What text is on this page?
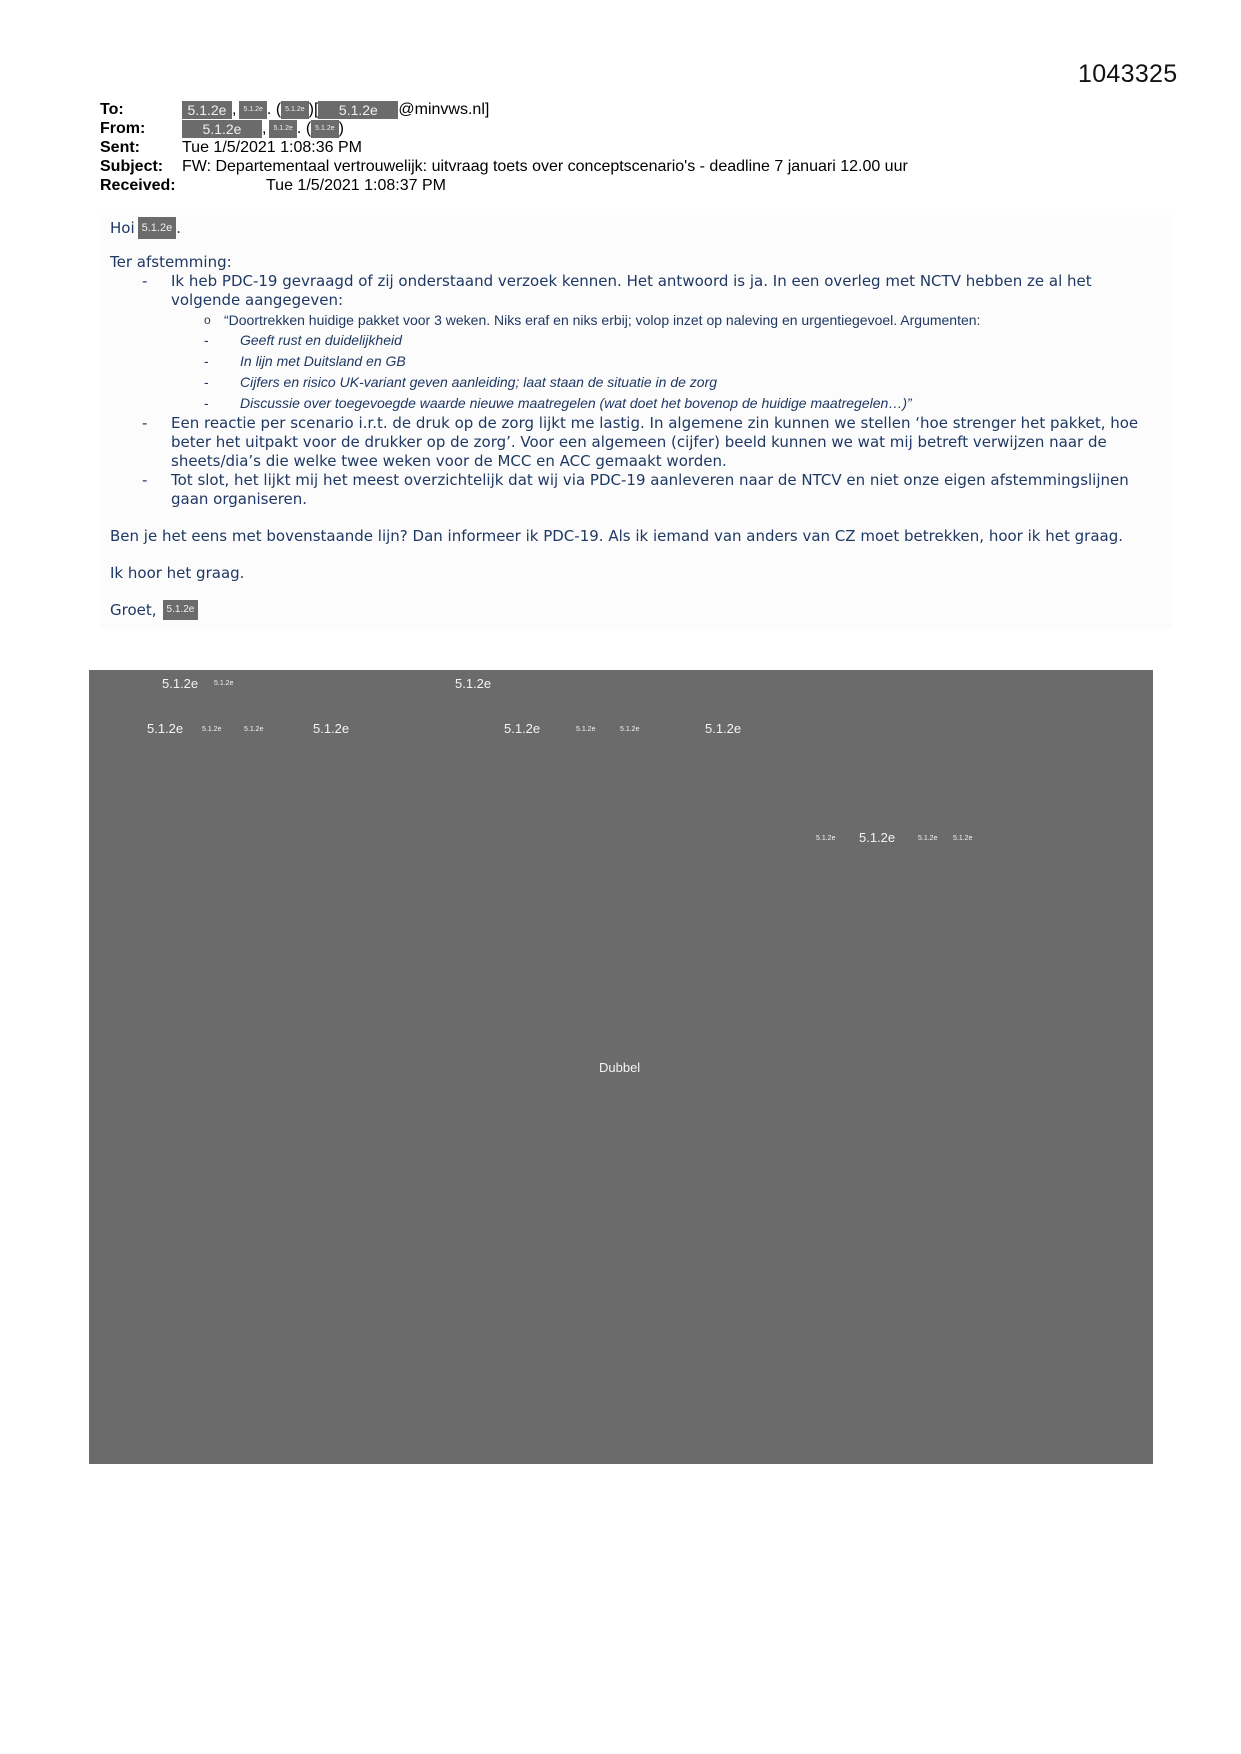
1043325
To:	5.1.2e ,	5.1.2e . ( 5.1.2e )[	5.1.2e	@minvws.nl]
From:	5.1.2e	,	5.1.2e . ( 5.1.2e )
Sent:	Tue 1/5/2021 1:08:36 PM
Subject:	FW: Departementaal vertrouwelijk: uitvraag toets over conceptscenario's - deadline 7 januari 12.00 uur
Received:	Tue 1/5/2021 1:08:37 PM
Hoi 5.1.2e .

Ter afstemming:

- Ik heb PDC-19 gevraagd of zij onderstaand verzoek kennen. Het antwoord is ja. In een overleg met NCTV hebben ze al het volgende aangegeven:
o “Doortrekken huidige pakket voor 3 weken. Niks eraf en niks erbij; volop inzet op naleving en urgentiegevoel. Argumenten:
- Geeft rust en duidelijkheid
- In lijn met Duitsland en GB
- Cijfers en risico UK-variant geven aanleiding; laat staan de situatie in de zorg
- Discussie over toegevoegde waarde nieuwe maatregelen (wat doet het bovenop de huidige maatregelen…)”
- Een reactie per scenario i.r.t. de druk op de zorg lijkt me lastig. In algemene zin kunnen we stellen ‘hoe strenger het pakket, hoe beter het uitpakt voor de drukker op de zorg’. Voor een algemeen (cijfer) beeld kunnen we wat mij betreft verwijzen naar de sheets/dia’s die welke twee weken voor de MCC en ACC gemaakt worden.
- Tot slot, het lijkt mij het meest overzichtelijk dat wij via PDC-19 aanleveren naar de NTCV en niet onze eigen afstemmingslijnen gaan organiseren.

Ben je het eens met bovenstaande lijn? Dan informeer ik PDC-19. Als ik iemand van anders van CZ moet betrekken, hoor ik het graag.

Ik hoor het graag.

Groet,	5.1.2e
5.1.2e 5.1.2e	5.1.2e
5.1.2e	5.1.2e	5.1.2e	5.1.2e	5.1.2e	5.1.2e	5.1.2e	5.1.2e
5.1.2e 5.1.2e	5.1.2e 5.1.2e
Dubbel
